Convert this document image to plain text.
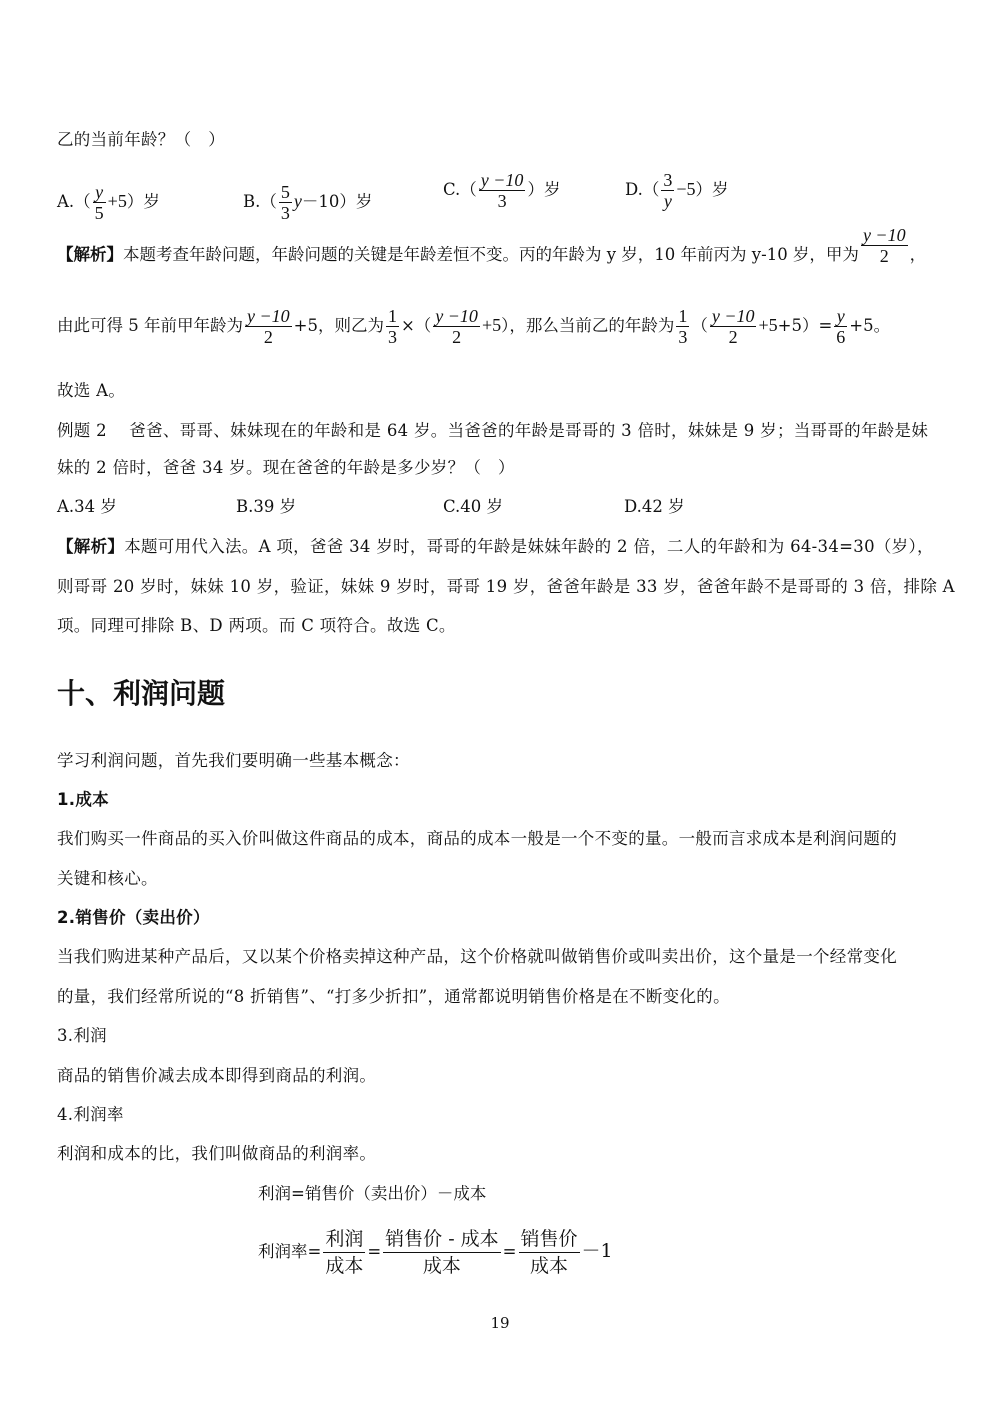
乙的当前年龄？（　）
$A.( \frac{y}{5} +5)$岁	$B.( \frac{5}{3} y-10)$岁
$C.( \frac{y -10}{3}$ ）岁	$D.( \frac{3}{y} -5)$岁
【解析】本题考查年龄问题，年龄问题的关键是年龄差恒不变。丙的年龄为 y 岁，10 年前丙为 y-10 岁，甲为 $\frac{y -10}{2}$ ，
由此可得 5 年前甲年龄为 $\frac{y -10}{2} +5$，则乙为 $\frac{1}{3}$ ×（ $\frac{y -10}{2} +5$），那么当前乙的年龄为 $\frac{1}{3}$ （ $\frac{y -10}{2} +5+5)= \frac{y}{6} +5$。
故选 A。
例题 2　 爸爸、哥哥、妹妹现在的年龄和是 64 岁。当爸爸的年龄是哥哥的 3 倍时，妹妹是 9 岁；当哥哥的年龄是妹
妹的 2 倍时，爸爸 34 岁。现在爸爸的年龄是多少岁？（　）
A.34 岁	B.39 岁	C.40 岁	D.42 岁
【解析】本题可用代入法。A 项，爸爸 34 岁时，哥哥的年龄是妹妹年龄的 2 倍，二人的年龄和为 64-34=30（岁），
则哥哥 20 岁时，妹妹 10 岁，验证，妹妹 9 岁时，哥哥 19 岁，爸爸年龄是 33 岁，爸爸年龄不是哥哥的 3 倍，排除 A
项。同理可排除 B、D 两项。而 C 项符合。故选 C。
十、利润问题
学习利润问题，首先我们要明确一些基本概念：
1.成本
我们购买一件商品的买入价叫做这件商品的成本，商品的成本一般是一个不变的量。一般而言求成本是利润问题的
关键和核心。
2.销售价（卖出价）
当我们购进某种产品后，又以某个价格卖掉这种产品，这个价格就叫做销售价或叫卖出价，这个量是一个经常变化
的量，我们经常所说的“8 折销售”、“打多少折扣”，通常都说明销售价格是在不断变化的。
3.利润
商品的销售价减去成本即得到商品的利润。
4.利润率
利润和成本的比，我们叫做商品的利润率。
利润=销售价（卖出价）－成本
利润率= $\frac{\text{利润}}{\text{成本}} = \frac{\text{销售价 - 成本}}{\text{成本}} = \frac{\text{销售价}}{\text{成本}} -1$
19
